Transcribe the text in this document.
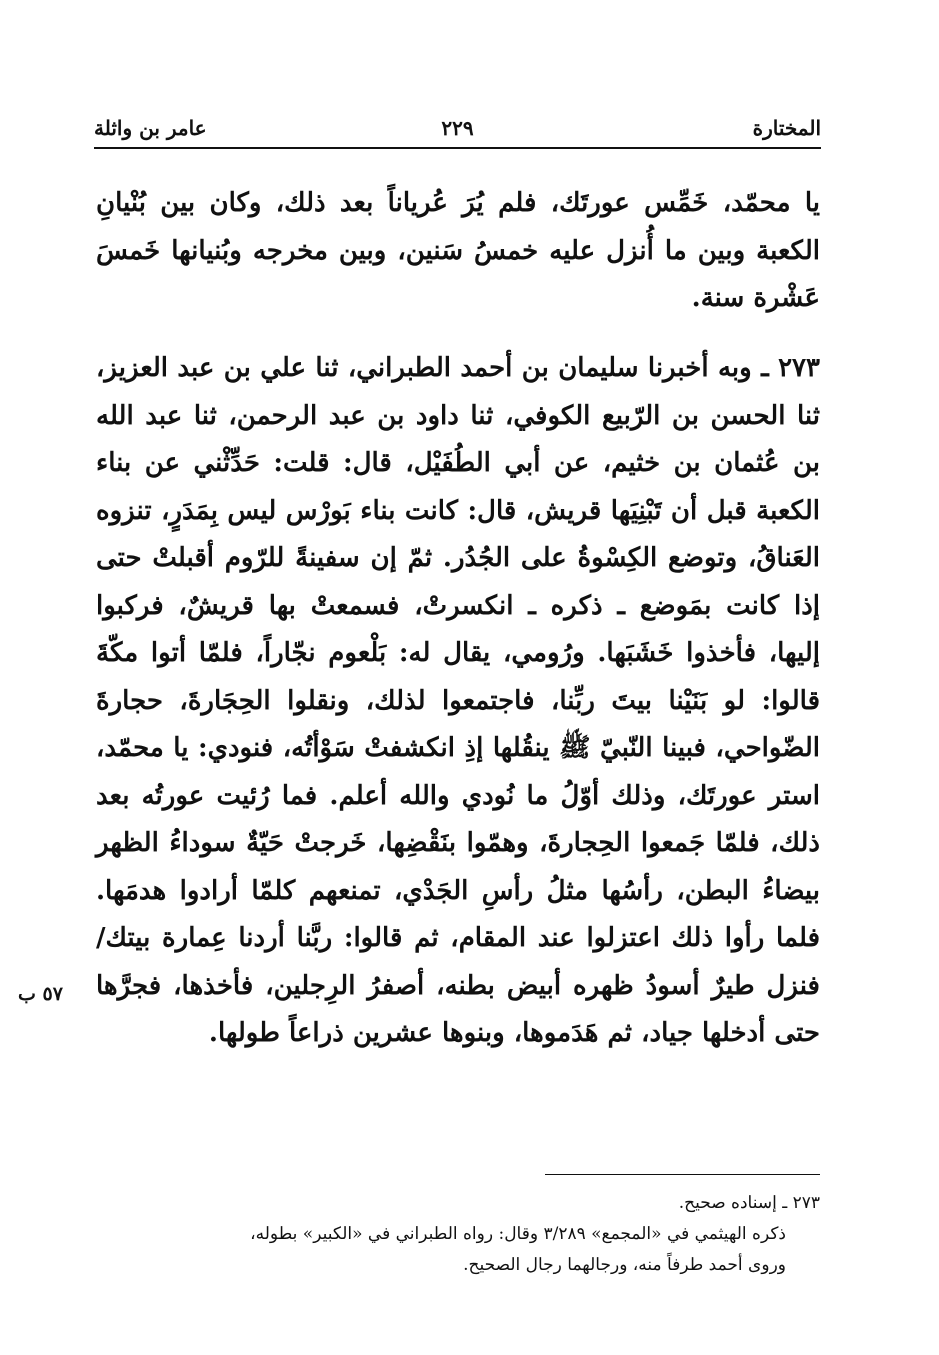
المختارة
٢٢٩
عامر بن واثلة

يا محمّد، خَمِّس عورتَك، فلم يُرَ عُرياناً بعد ذلك، وكان بين بُنْيانِ الكعبة وبين ما أُنزل عليه خمسُ سَنين، وبين مخرجه وبُنيانها خَمسَ عَشْرة سنة.

٢٧٣ ـ وبه أخبرنا سليمان بن أحمد الطبراني، ثنا علي بن عبد العزيز، ثنا الحسن بن الرّبيع الكوفي، ثنا داود بن عبد الرحمن، ثنا عبد الله بن عُثمان بن خثيم، عن أبي الطُفَيْل، قال: قلت: حَدِّثْني عن بناء الكعبة قبل أن تَبْنِيَها قريش، قال: كانت بناء بَورْس ليس بِمَدَرٍ، تنزوه العَناقُ، وتوضع الكِسْوةُ على الجُدُر. ثمّ إن سفينةً للرّوم أقبلتْ حتى إذا كانت بمَوضع ـ ذكره ـ انكسرتْ، فسمعتْ بها قريشٌ، فركبوا إليها، فأخذوا خَشَبَها. ورُومي، يقال له: بَلْعوم نجّاراً، فلمّا أتوا مكّةَ قالوا: لو بَنَيْنا بيتَ ربِّنا، فاجتمعوا لذلك، ونقلوا الحِجَارةَ، حجارةَ الضّواحي، فبينا النّبيّ ﷺ ينقُلها إذِ انكشفتْ سَوْأتُه، فنودي: يا محمّد، استر عورتَك، وذلك أوّلُ ما نُودي والله أعلم. فما رُئيت عورتُه بعد ذلك، فلمّا جَمعوا الحِجارةَ، وهمّوا بنَقْضِها، خَرجتْ حَيّةٌ سوداءُ الظهر بيضاءُ البطن، رأسُها مثلُ رأسِ الجَدْي، تمنعهم كلمّا أرادوا هدمَها. فلما رأوا ذلك اعتزلوا عند المقام، ثم قالوا: ربَّنا أردنا عِمارة بيتك/ فنزل طيرٌ أسودُ ظهره أبيض بطنه، أصفرُ الرِجلين، فأخذها، فجرَّها حتى أدخلها جياد، ثم هَدَموها، وبنوها عشرين ذراعاً طولها.

٥٧ ب
٢٧٣ ـ إسناده صحيح.
ذكره الهيثمي في «المجمع» ٣/٢٨٩ وقال: رواه الطبراني في «الكبير» بطوله،
وروى أحمد طرفاً منه، ورجالهما رجال الصحيح.
